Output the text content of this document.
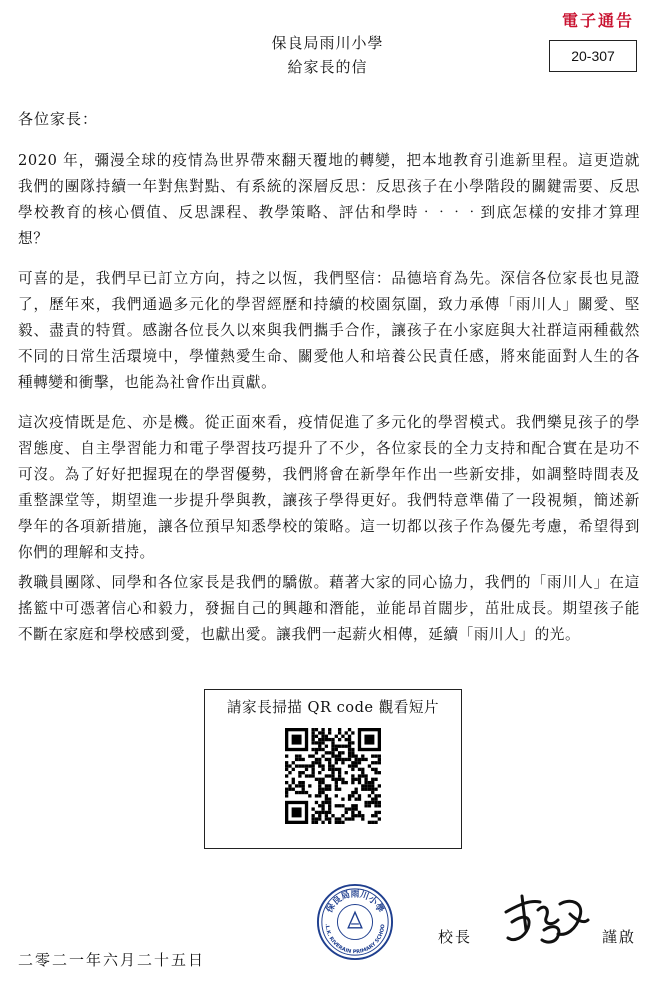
電子通告
20-307
保良局雨川小學
給家長的信
各位家長：
2020 年，彌漫全球的疫情為世界帶來翻天覆地的轉變，把本地教育引進新里程。這更造就我們的團隊持續一年對焦對點、有系統的深層反思：反思孩子在小學階段的關鍵需要、反思學校教育的核心價值、反思課程、教學策略、評估和學時‧‧‧‧到底怎樣的安排才算理想？
可喜的是，我們早已訂立方向，持之以恆，我們堅信：品德培育為先。深信各位家長也見證了，歷年來，我們通過多元化的學習經歷和持續的校園氛圍，致力承傳「雨川人」關愛、堅毅、盡責的特質。感謝各位長久以來與我們攜手合作，讓孩子在小家庭與大社群這兩種截然不同的日常生活環境中，學懂熱愛生命、關愛他人和培養公民責任感，將來能面對人生的各種轉變和衝擊，也能為社會作出貢獻。
這次疫情既是危、亦是機。從正面來看，疫情促進了多元化的學習模式。我們樂見孩子的學習態度、自主學習能力和電子學習技巧提升了不少，各位家長的全力支持和配合實在是功不可沒。為了好好把握現在的學習優勢，我們將會在新學年作出一些新安排，如調整時間表及重整課堂等，期望進一步提升學與教，讓孩子學得更好。我們特意準備了一段視頻，簡述新學年的各項新措施，讓各位預早知悉學校的策略。這一切都以孩子作為優先考慮，希望得到你們的理解和支持。
教職員團隊、同學和各位家長是我們的驕傲。藉著大家的同心協力，我們的「雨川人」在這搖籃中可憑著信心和毅力，發掘自己的興趣和潛能，並能昂首闊步，茁壯成長。期望孩子能不斷在家庭和學校感到愛，也獻出愛。讓我們一起薪火相傳，延續「雨川人」的光。
請家長掃描 QR code 觀看短片
保良局雨川小學
.L.K. RIVERAIN PRIMARY SCHOO
校長	謹啟
二零二一年六月二十五日
